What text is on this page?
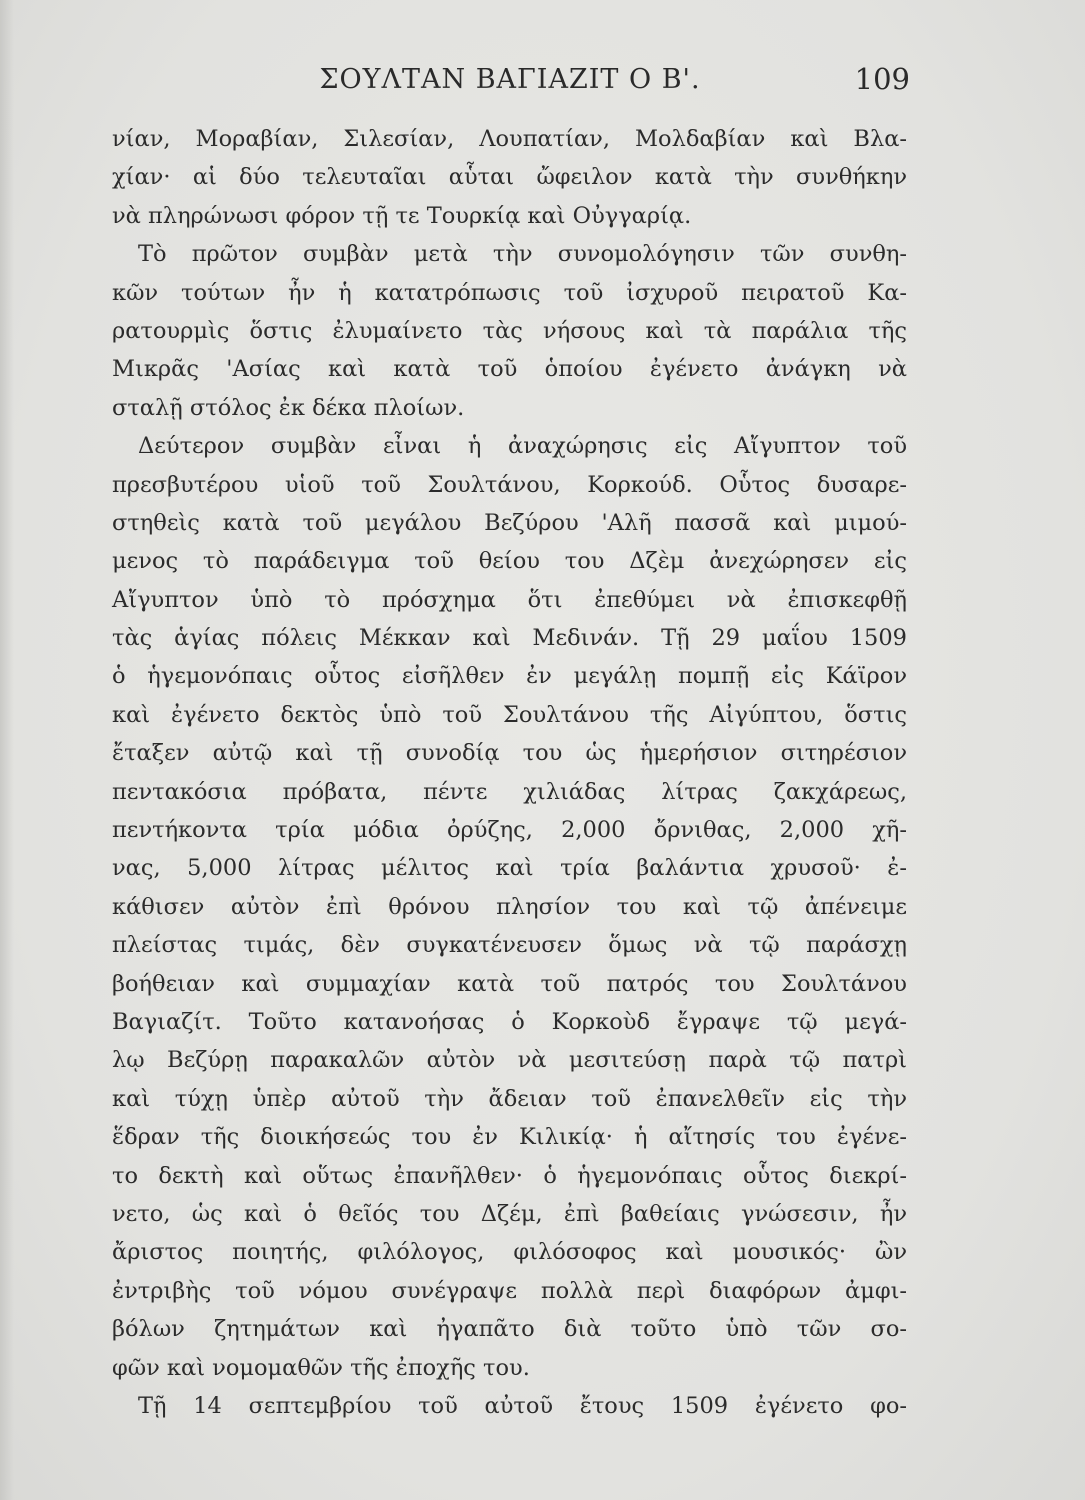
ΣΟΥΛΤΑΝ ΒΑΓΙΑΖΙΤ Ο Β'.	109
νίαν, Μοραβίαν, Σιλεσίαν, Λουπατίαν, Μολδαβίαν καὶ Βλα-
χίαν· αἱ δύο τελευταῖαι αὗται ὤφειλον κατὰ τὴν συνθήκην
νὰ πληρώνωσι φόρον τῇ τε Τουρκίᾳ καὶ Οὐγγαρίᾳ.
Τὸ πρῶτον συμβὰν μετὰ τὴν συνομολόγησιν τῶν συνθη-
κῶν τούτων ἦν ἡ κατατρόπωσις τοῦ ἰσχυροῦ πειρατοῦ Κα-
ρατουρμὶς ὅστις ἐλυμαίνετο τὰς νήσους καὶ τὰ παράλια τῆς
Μικρᾶς 'Ασίας καὶ κατὰ τοῦ ὁποίου ἐγένετο ἀνάγκη νὰ
σταλῇ στόλος ἐκ δέκα πλοίων.
Δεύτερον συμβὰν εἶναι ἡ ἀναχώρησις εἰς Αἴγυπτον τοῦ
πρεσβυτέρου υἱοῦ τοῦ Σουλτάνου, Κορκούδ. Οὗτος δυσαρε-
στηθεὶς κατὰ τοῦ μεγάλου Βεζύρου 'Αλῆ πασσᾶ καὶ μιμού-
μενος τὸ παράδειγμα τοῦ θείου του Δζὲμ ἀνεχώρησεν εἰς
Αἴγυπτον ὑπὸ τὸ πρόσχημα ὅτι ἐπεθύμει νὰ ἐπισκεφθῇ
τὰς ἁγίας πόλεις Μέκκαν καὶ Μεδινάν. Τῇ 29 μαΐου 1509
ὁ ἡγεμονόπαις οὗτος εἰσῆλθεν ἐν μεγάλῃ πομπῇ εἰς Κάϊρον
καὶ ἐγένετο δεκτὸς ὑπὸ τοῦ Σουλτάνου τῆς Αἰγύπτου, ὅστις
ἔταξεν αὐτῷ καὶ τῇ συνοδίᾳ του ὡς ἡμερήσιον σιτηρέσιον
πεντακόσια πρόβατα, πέντε χιλιάδας λίτρας ζακχάρεως,
πεντήκοντα τρία μόδια ὀρύζης, 2,000 ὄρνιθας, 2,000 χῆ-
νας, 5,000 λίτρας μέλιτος καὶ τρία βαλάντια χρυσοῦ· ἐ-
κάθισεν αὐτὸν ἐπὶ θρόνου πλησίον του καὶ τῷ ἀπένειμε
πλείστας τιμάς, δὲν συγκατένευσεν ὅμως νὰ τῷ παράσχῃ
βοήθειαν καὶ συμμαχίαν κατὰ τοῦ πατρός του Σουλτάνου
Βαγιαζίτ. Τοῦτο κατανοήσας ὁ Κορκοὺδ ἔγραψε τῷ μεγά-
λῳ Βεζύρῃ παρακαλῶν αὐτὸν νὰ μεσιτεύσῃ παρὰ τῷ πατρὶ
καὶ τύχῃ ὑπὲρ αὐτοῦ τὴν ἄδειαν τοῦ ἐπανελθεῖν εἰς τὴν
ἕδραν τῆς διοικήσεώς του ἐν Κιλικίᾳ· ἡ αἴτησίς του ἐγένε-
το δεκτὴ καὶ οὕτως ἐπανῆλθεν· ὁ ἡγεμονόπαις οὗτος διεκρί-
νετο, ὡς καὶ ὁ θεῖός του Δζέμ, ἐπὶ βαθείαις γνώσεσιν, ἦν
ἄριστος ποιητής, φιλόλογος, φιλόσοφος καὶ μουσικός· ὢν
ἐντριβὴς τοῦ νόμου συνέγραψε πολλὰ περὶ διαφόρων ἀμφι-
βόλων ζητημάτων καὶ ἠγαπᾶτο διὰ τοῦτο ὑπὸ τῶν σο-
φῶν καὶ νομομαθῶν τῆς ἐποχῆς του.
Τῇ 14 σεπτεμβρίου τοῦ αὐτοῦ ἔτους 1509 ἐγένετο φο-
